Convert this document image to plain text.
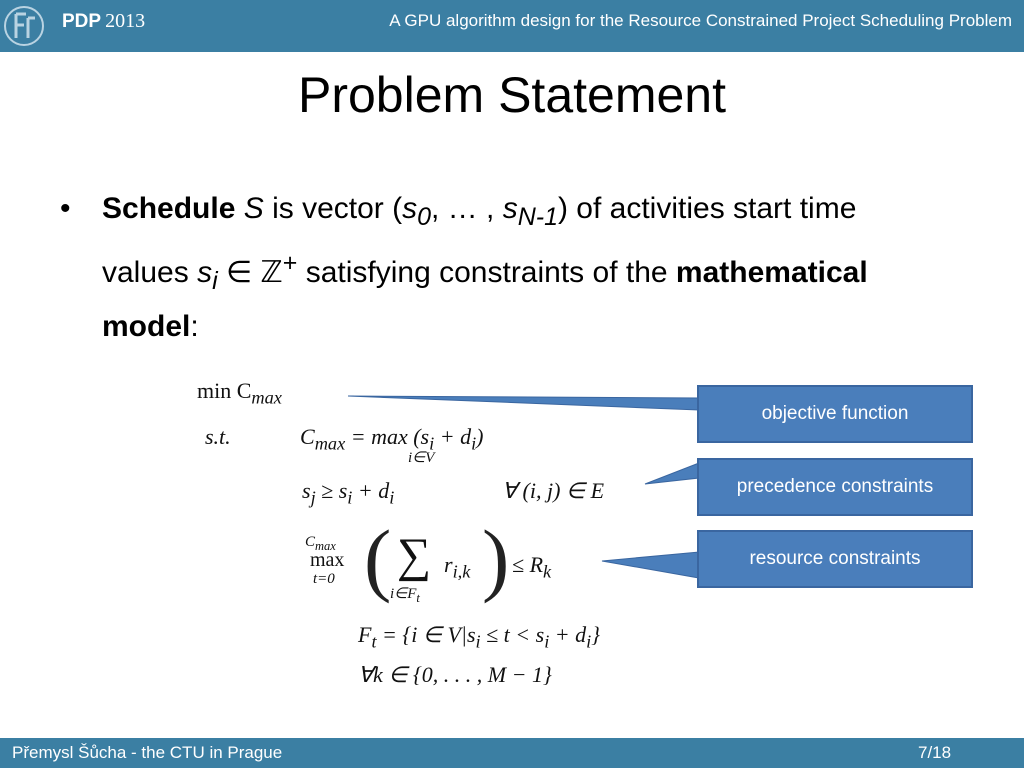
PDP 2013	A GPU algorithm design for the Resource Constrained Project Scheduling Problem
Problem Statement
• Schedule S is vector ($s_0$, … , $s_{N-1}$) of activities start time values $s_i$ ∈ ℤ+ satisfying constraints of the mathematical model:
$\min C_{max}$
s.t.	$C_{max} = \max (s_i + d_i)$
i∈V
$s_j \ge s_i + d_i$	∀ (i, j) ∈ E
$C_{max}$
max
t=0 ( ∑
$i\in F_t$
$r_{i,k}$ ) ≤ $R_k$
$F_t = \{i$ ∈ $V|s_i \le t < s_i + d_i$}
∀k ∈ {0, . . . , M − 1}
objective function
precedence constraints
resource constraints
Přemysl Šůcha - the CTU in Prague	7/18
